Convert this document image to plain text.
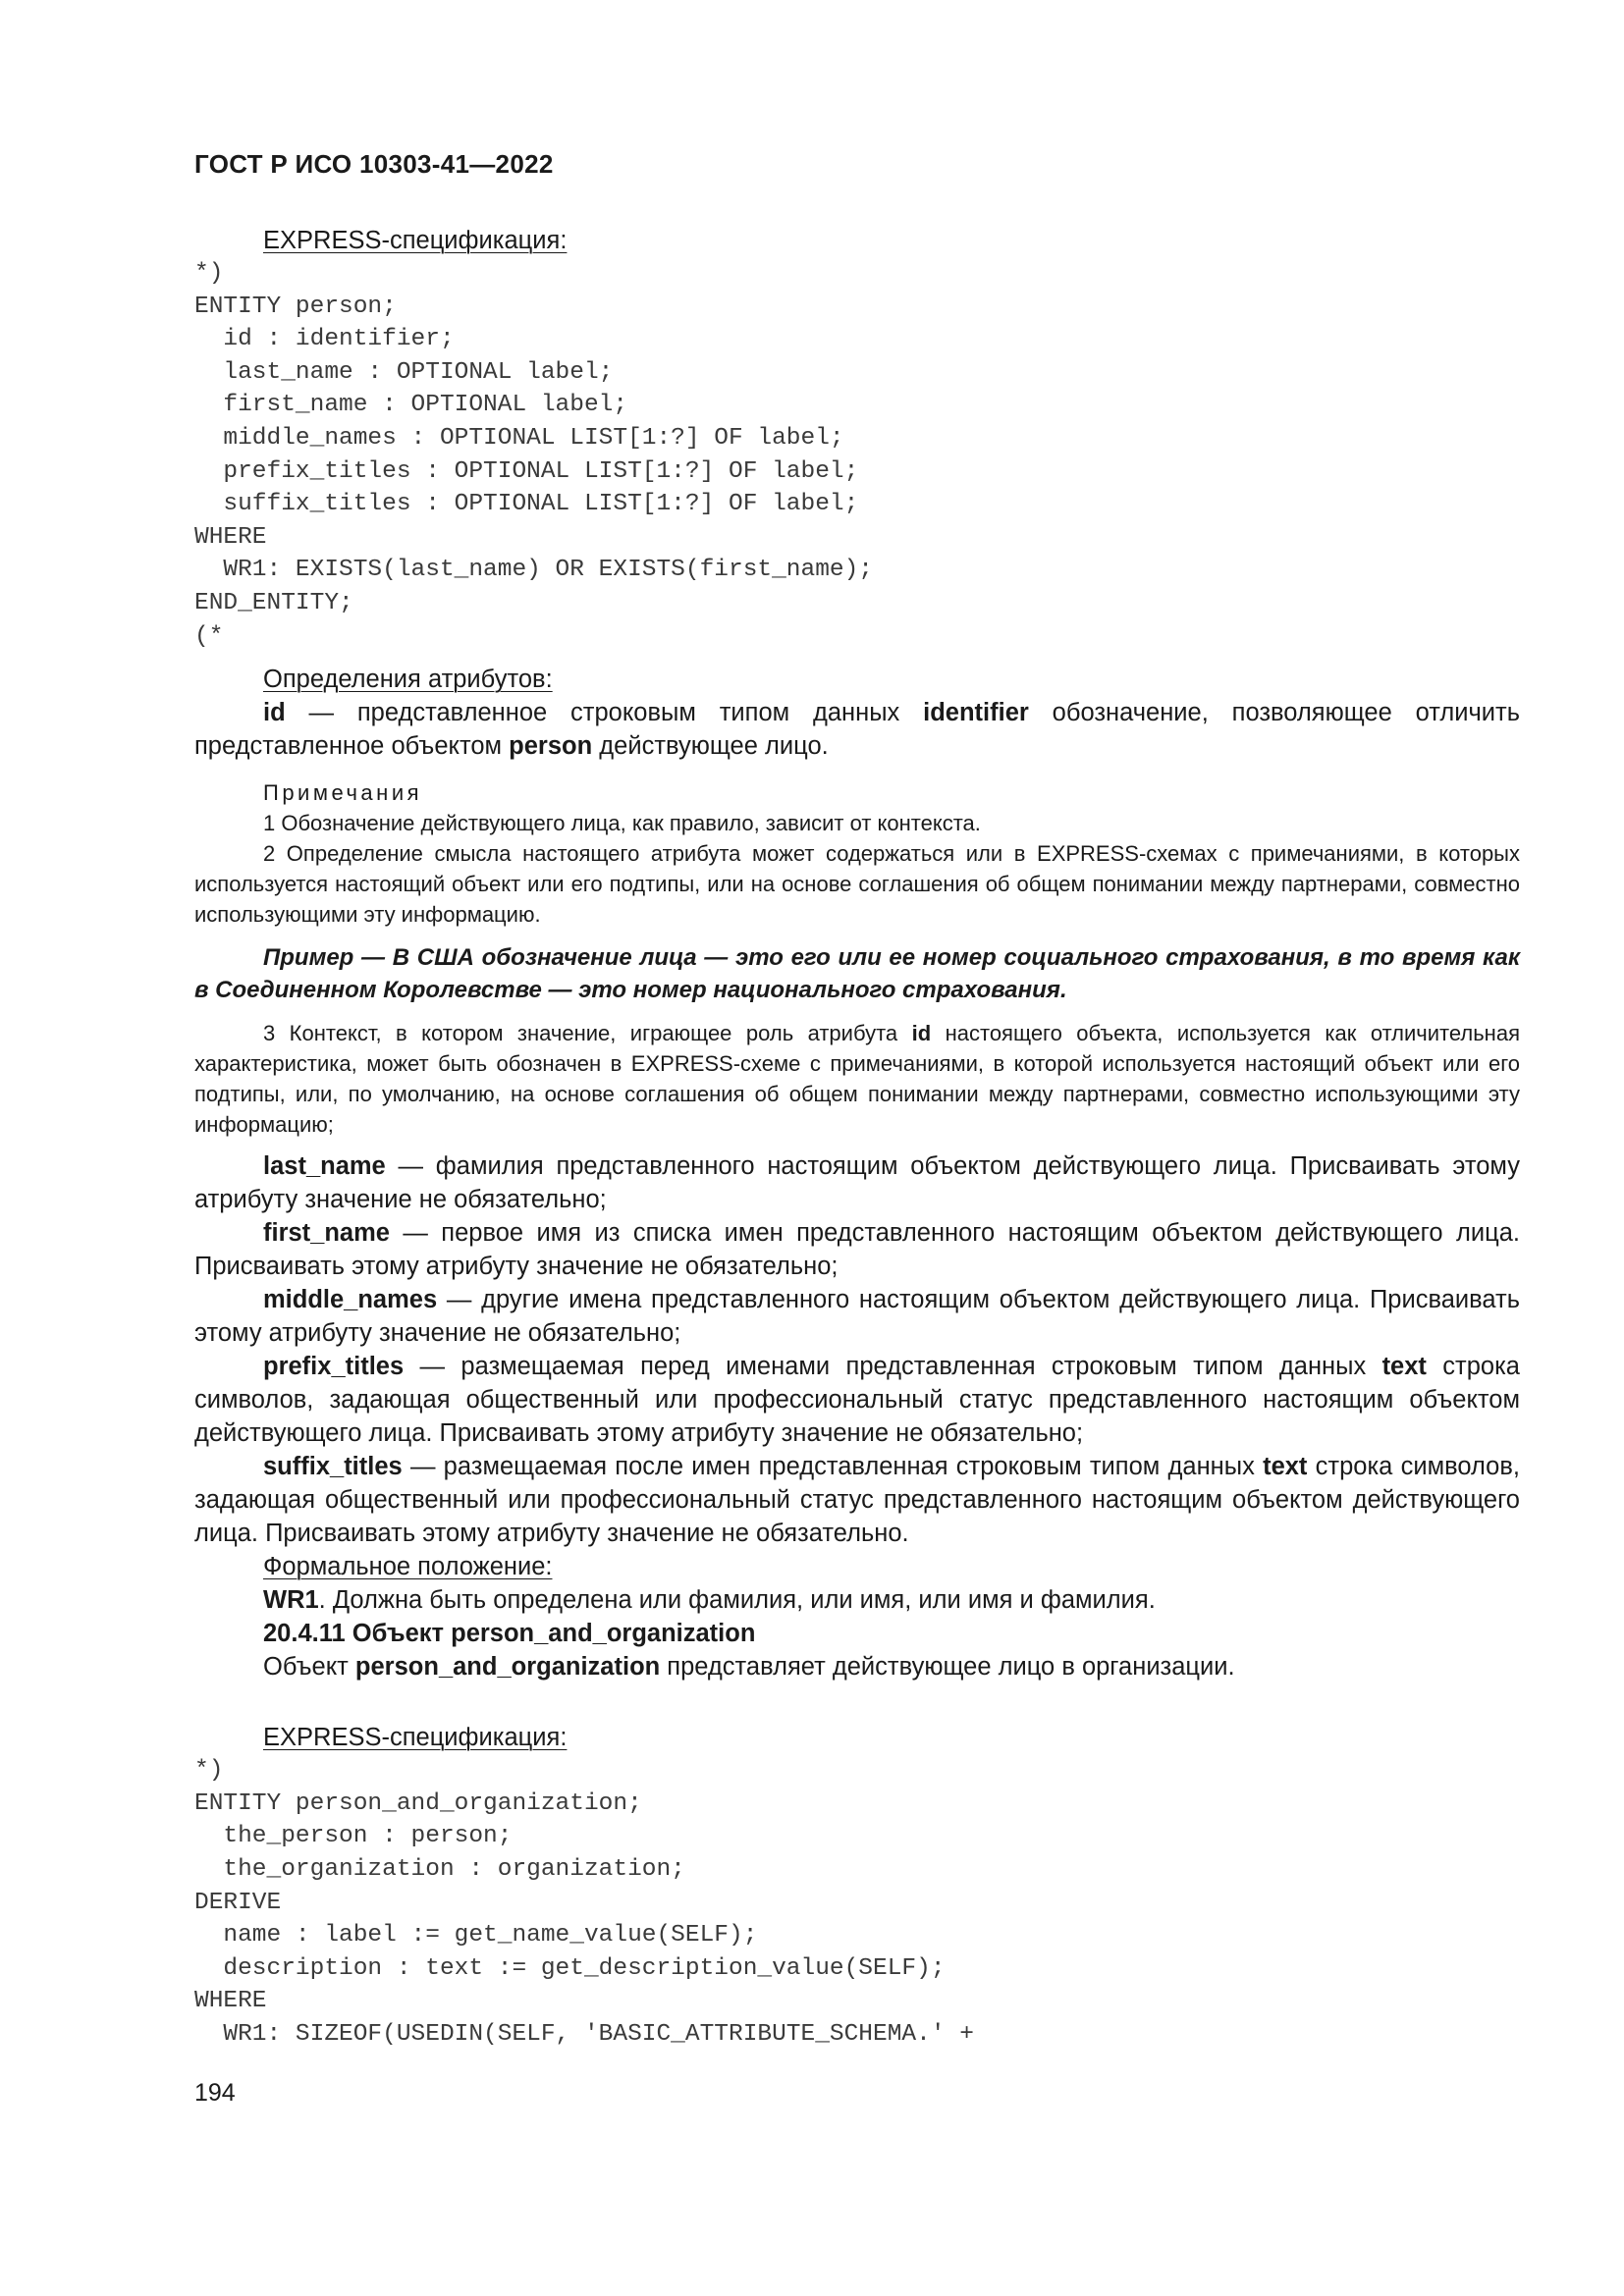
ГОСТ Р ИСО 10303-41—2022

EXPRESS-спецификация:

*)
ENTITY person;
id : identifier;
last_name : OPTIONAL label;
first_name : OPTIONAL label;
middle_names : OPTIONAL LIST[1:?] OF label;
prefix_titles : OPTIONAL LIST[1:?] OF label;
suffix_titles : OPTIONAL LIST[1:?] OF label;
WHERE
WR1: EXISTS(last_name) OR EXISTS(first_name);
END_ENTITY;
(*

Определения атрибутов:

id — представленное строковым типом данных identifier обозначение, позволяющее отличить представленное объектом person действующее лицо.

Примечания

1 Обозначение действующего лица, как правило, зависит от контекста.

2 Определение смысла настоящего атрибута может содержаться или в EXPRESS-схемах с примечаниями, в которых используется настоящий объект или его подтипы, или на основе соглашения об общем понимании между партнерами, совместно использующими эту информацию.

Пример — В США обозначение лица — это его или ее номер социального страхования, в то время как в Соединенном Королевстве — это номер национального страхования.

3 Контекст, в котором значение, играющее роль атрибута id настоящего объекта, используется как отличительная характеристика, может быть обозначен в EXPRESS-схеме с примечаниями, в которой используется настоящий объект или его подтипы, или, по умолчанию, на основе соглашения об общем понимании между партнерами, совместно использующими эту информацию;

last_name — фамилия представленного настоящим объектом действующего лица. Присваивать этому атрибуту значение не обязательно;

first_name — первое имя из списка имен представленного настоящим объектом действующего лица. Присваивать этому атрибуту значение не обязательно;

middle_names — другие имена представленного настоящим объектом действующего лица. Присваивать этому атрибуту значение не обязательно;

prefix_titles — размещаемая перед именами представленная строковым типом данных text строка символов, задающая общественный или профессиональный статус представленного настоящим объектом действующего лица. Присваивать этому атрибуту значение не обязательно;

suffix_titles — размещаемая после имен представленная строковым типом данных text строка символов, задающая общественный или профессиональный статус представленного настоящим объектом действующего лица. Присваивать этому атрибуту значение не обязательно.

Формальное положение:

WR1. Должна быть определена или фамилия, или имя, или имя и фамилия.

20.4.11 Объект person_and_organization

Объект person_and_organization представляет действующее лицо в организации.

EXPRESS-спецификация:

*)
ENTITY person_and_organization;
the_person : person;
the_organization : organization;
DERIVE
name : label := get_name_value(SELF);
description : text := get_description_value(SELF);
WHERE
WR1: SIZEOF(USEDIN(SELF, 'BASIC_ATTRIBUTE_SCHEMA.' +
194
